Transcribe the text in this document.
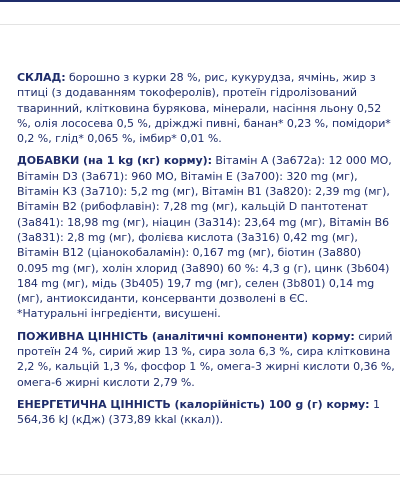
СКЛАД: борошно з курки 28 %, рис, кукурудза, ячмінь, жир з птиці (з додаванням токоферолів), протеїн гідролізований тваринний, клітковина бурякова, мінерали, насіння льону 0,52 %, олія лососева 0,5 %, дріжджі пивні, банан* 0,23 %, помідори* 0,2 %, глід* 0,065 %, імбир* 0,01 %.

ДОБАВКИ (на 1 kg (кг) корму): Вітамін А (3a672a): 12 000 МО, Вітамін D3 (3a671): 960 МО, Вітамін Е (3a700): 320 mg (мг), Вітамін К3 (3a710): 5,2 mg (мг), Вітамін B1 (3a820): 2,39 mg (мг), Вітамін B2 (рибофлавін): 7,28 mg (мг), кальцій D пантотенат (3a841): 18,98 mg (мг), ніацин (3a314): 23,64 mg (мг), Вітамін B6 (3a831): 2,8 mg (мг), фолієва кислота (3a316) 0,42 mg (мг), Вітамін B12 (ціанокобаламін): 0,167 mg (мг), біотин (3a880) 0.095 mg (мг), холін хлорид (3a890) 60 %: 4,3 g (г), цинк (3b604) 184 mg (мг), мідь (3b405) 19,7 mg (мг), селен (3b801) 0,14 mg (мг), антиоксиданти, консерванти дозволені в ЄС.

*Натуральні інгредієнти, висушені.

ПОЖИВНА ЦІННІСТЬ (аналітичні компоненти) корму: сирий протеїн 24 %, сирий жир 13 %, сира зола 6,3 %, сира клітковина 2,2 %, кальцій 1,3 %, фосфор 1 %, омега-3 жирні кислоти 0,36 %, омега-6 жирні кислоти 2,79 %.

ЕНЕРГЕТИЧНА ЦІННІСТЬ (калорійність) 100 g (г) корму: 1 564,36 kJ (кДж) (373,89 kkal (ккал)).
